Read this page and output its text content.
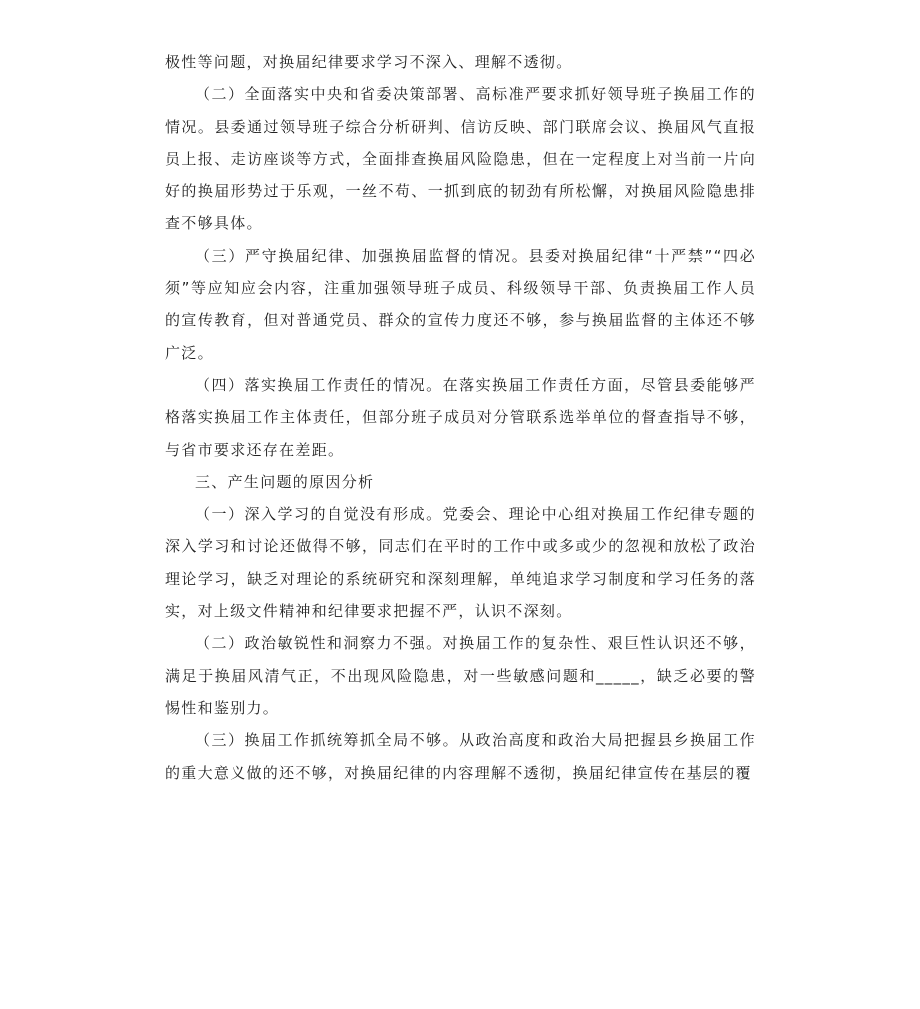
极性等问题，对换届纪律要求学习不深入、理解不透彻。

（二）全面落实中央和省委决策部署、高标准严要求抓好领导班子换届工作的情况。县委通过领导班子综合分析研判、信访反映、部门联席会议、换届风气直报员上报、走访座谈等方式，全面排查换届风险隐患，但在一定程度上对当前一片向好的换届形势过于乐观，一丝不苟、一抓到底的韧劲有所松懈，对换届风险隐患排查不够具体。

（三）严守换届纪律、加强换届监督的情况。县委对换届纪律“十严禁”“四必须”等应知应会内容，注重加强领导班子成员、科级领导干部、负责换届工作人员的宣传教育，但对普通党员、群众的宣传力度还不够，参与换届监督的主体还不够广泛。

（四）落实换届工作责任的情况。在落实换届工作责任方面，尽管县委能够严格落实换届工作主体责任，但部分班子成员对分管联系选举单位的督查指导不够，与省市要求还存在差距。

三、产生问题的原因分析

（一）深入学习的自觉没有形成。党委会、理论中心组对换届工作纪律专题的深入学习和讨论还做得不够，同志们在平时的工作中或多或少的忽视和放松了政治理论学习，缺乏对理论的系统研究和深刻理解，单纯追求学习制度和学习任务的落实，对上级文件精神和纪律要求把握不严，认识不深刻。

（二）政治敏锐性和洞察力不强。对换届工作的复杂性、艰巨性认识还不够，满足于换届风清气正，不出现风险隐患，对一些敏感问题和_____，缺乏必要的警惕性和鉴别力。

（三）换届工作抓统筹抓全局不够。从政治高度和政治大局把握县乡换届工作的重大意义做的还不够，对换届纪律的内容理解不透彻，换届纪律宣传在基层的覆
